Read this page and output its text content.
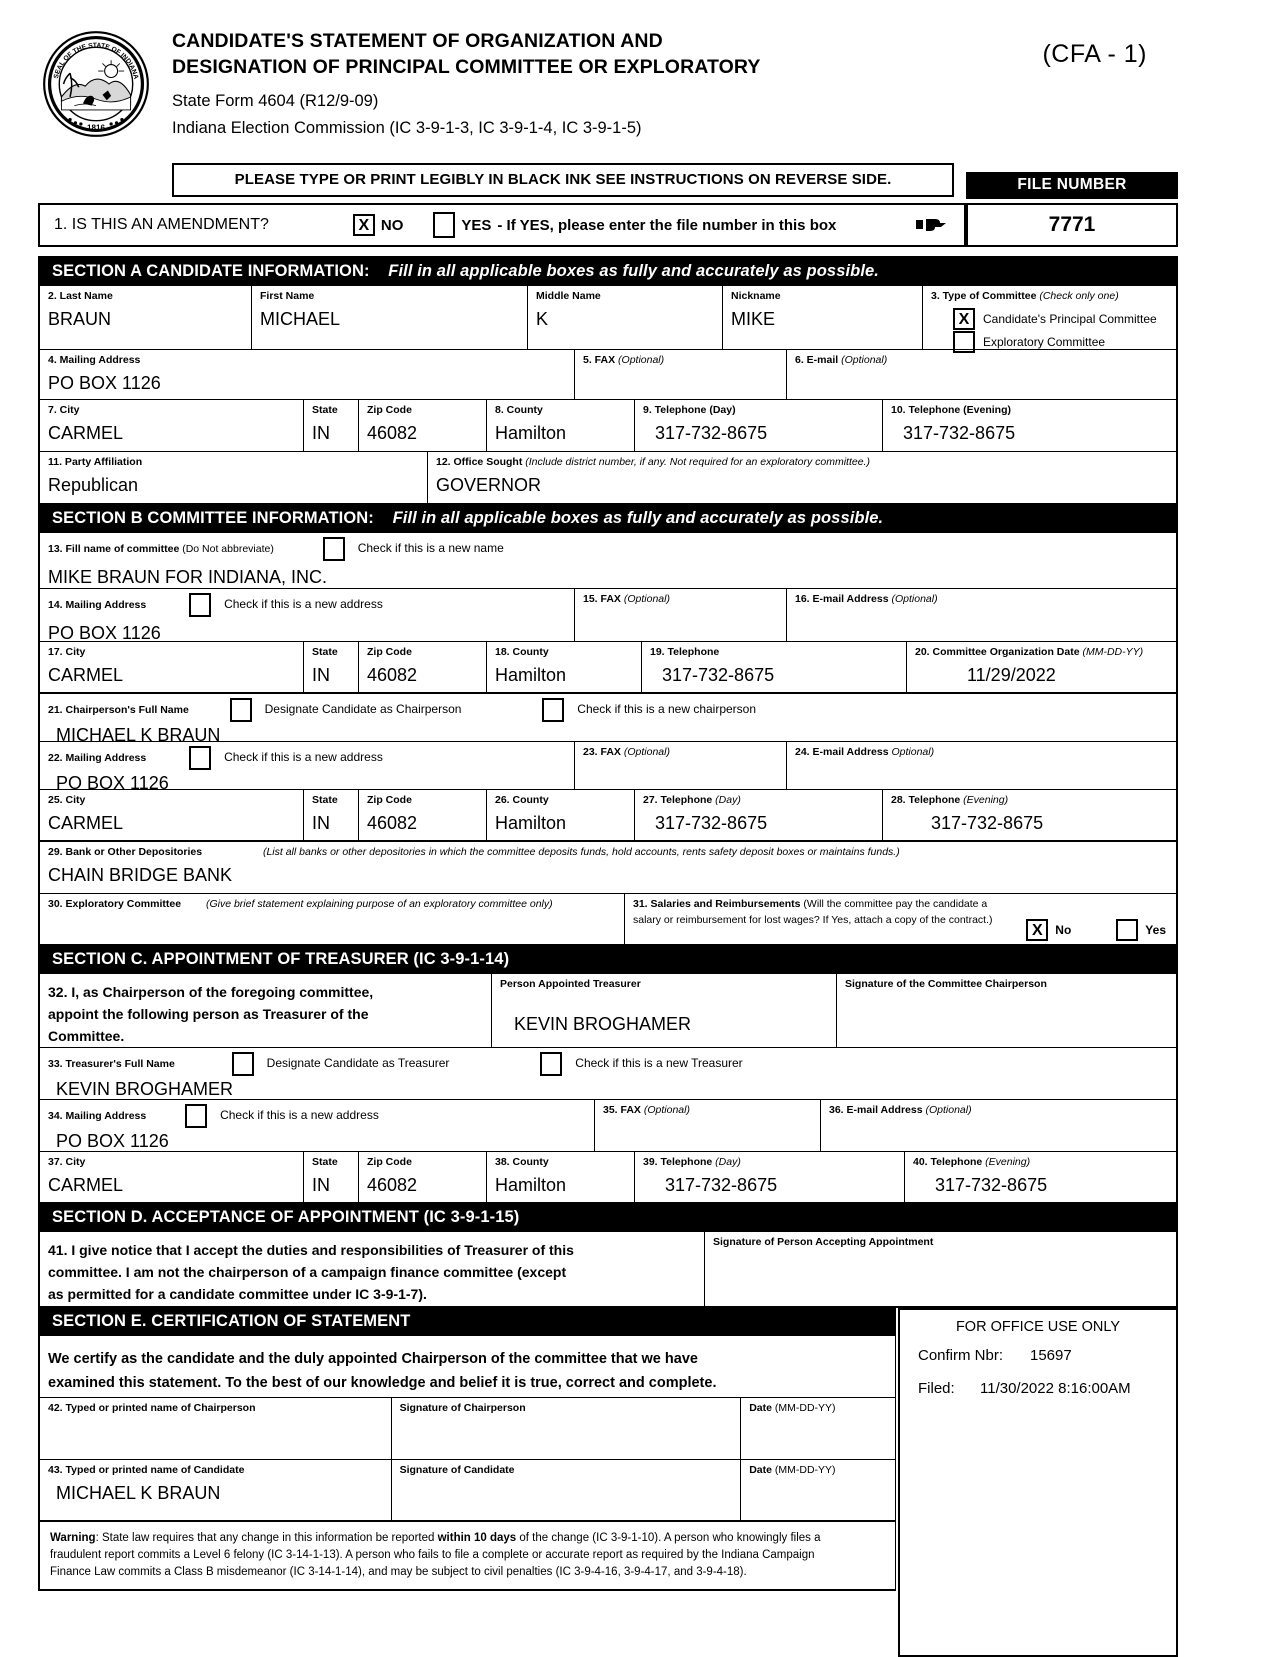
1816
SEAL OF THE STATE OF INDIANA
CANDIDATE'S STATEMENT OF ORGANIZATION AND
DESIGNATION OF PRINCIPAL COMMITTEE OR EXPLORATORY
State Form 4604 (R12/9-09)
Indiana Election Commission (IC 3-9-1-3, IC 3-9-1-4, IC 3-9-1-5)
(CFA - 1)
PLEASE TYPE OR PRINT LEGIBLY IN BLACK INK SEE INSTRUCTIONS ON REVERSE SIDE.	FILE NUMBER
1. IS THIS AN AMENDMENT?	X NO	YES - If YES, please enter the file number in this box	7771
SECTION A CANDIDATE INFORMATION: Fill in all applicable boxes as fully and accurately as possible.
2. Last Name
BRAUN
First Name
MICHAEL
Middle Name
K
Nickname
MIKE
3. Type of Committee (Check only one)
X	Candidate's Principal Committee
Exploratory Committee
4. Mailing Address
PO BOX 1126
5. FAX (Optional)	6. E-mail (Optional)
7. City
CARMEL
State
IN
Zip Code
46082
8. County
Hamilton
9. Telephone (Day)
317-732-8675
10. Telephone (Evening)
317-732-8675
11. Party Affiliation
Republican
12. Office Sought (Include district number, if any. Not required for an exploratory committee.)
GOVERNOR
SECTION B COMMITTEE INFORMATION: Fill in all applicable boxes as fully and accurately as possible.
13. Fill name of committee (Do Not abbreviate)	Check if this is a new name
MIKE BRAUN FOR INDIANA, INC.
14. Mailing Address	Check if this is a new address
PO BOX 1126
15. FAX (Optional)	16. E-mail Address (Optional)
17. City
CARMEL
State
IN
Zip Code
46082
18. County
Hamilton
19. Telephone
317-732-8675
20. Committee Organization Date (MM-DD-YY)
11/29/2022
21. Chairperson's Full Name	Designate Candidate as Chairperson	Check if this is a new chairperson
MICHAEL K BRAUN
22. Mailing Address	Check if this is a new address
PO BOX 1126
23. FAX (Optional)	24. E-mail Address Optional)
25. City
CARMEL
State
IN
Zip Code
46082
26. County
Hamilton
27. Telephone (Day)
317-732-8675
28. Telephone (Evening)
317-732-8675
29. Bank or Other Depositories	(List all banks or other depositories in which the committee deposits funds, hold accounts, rents safety deposit boxes or maintains funds.)
CHAIN BRIDGE BANK
30. Exploratory Committee (Give brief statement explaining purpose of an exploratory committee only)	31. Salaries and Reimbursements (Will the committee pay the candidate a
salary or reimbursement for lost wages? If Yes, attach a copy of the contract.)
X	No	Yes
SECTION C. APPOINTMENT OF TREASURER (IC 3-9-1-14)
32. I, as Chairperson of the foregoing committee,
appoint the following person as Treasurer of the
Committee.
Person Appointed Treasurer
KEVIN BROGHAMER
Signature of the Committee Chairperson
33. Treasurer's Full Name	Designate Candidate as Treasurer	Check if this is a new Treasurer
KEVIN BROGHAMER
34. Mailing Address	Check if this is a new address
PO BOX 1126
35. FAX (Optional)	36. E-mail Address (Optional)
37. City
CARMEL
State
IN
Zip Code
46082
38. County
Hamilton
39. Telephone (Day)
317-732-8675
40. Telephone (Evening)
317-732-8675
SECTION D. ACCEPTANCE OF APPOINTMENT (IC 3-9-1-15)
41. I give notice that I accept the duties and responsibilities of Treasurer of this
committee. I am not the chairperson of a campaign finance committee (except
as permitted for a candidate committee under IC 3-9-1-7).
Signature of Person Accepting Appointment
SECTION E. CERTIFICATION OF STATEMENT
We certify as the candidate and the duly appointed Chairperson of the committee that we have
examined this statement. To the best of our knowledge and belief it is true, correct and complete.
42. Typed or printed name of Chairperson	Signature of Chairperson	Date (MM-DD-YY)
43. Typed or printed name of Candidate
MICHAEL K BRAUN
Signature of Candidate	Date (MM-DD-YY)
Warning: State law requires that any change in this information be reported within 10 days of the change (IC 3-9-1-10). A person who knowingly files a
fraudulent report commits a Level 6 felony (IC 3-14-1-13). A person who fails to file a complete or accurate report as required by the Indiana Campaign
Finance Law commits a Class B misdemeanor (IC 3-14-1-14), and may be subject to civil penalties (IC 3-9-4-16, 3-9-4-17, and 3-9-4-18).
FOR OFFICE USE ONLY
Confirm Nbr:	15697
Filed:	11/30/2022 8:16:00AM
